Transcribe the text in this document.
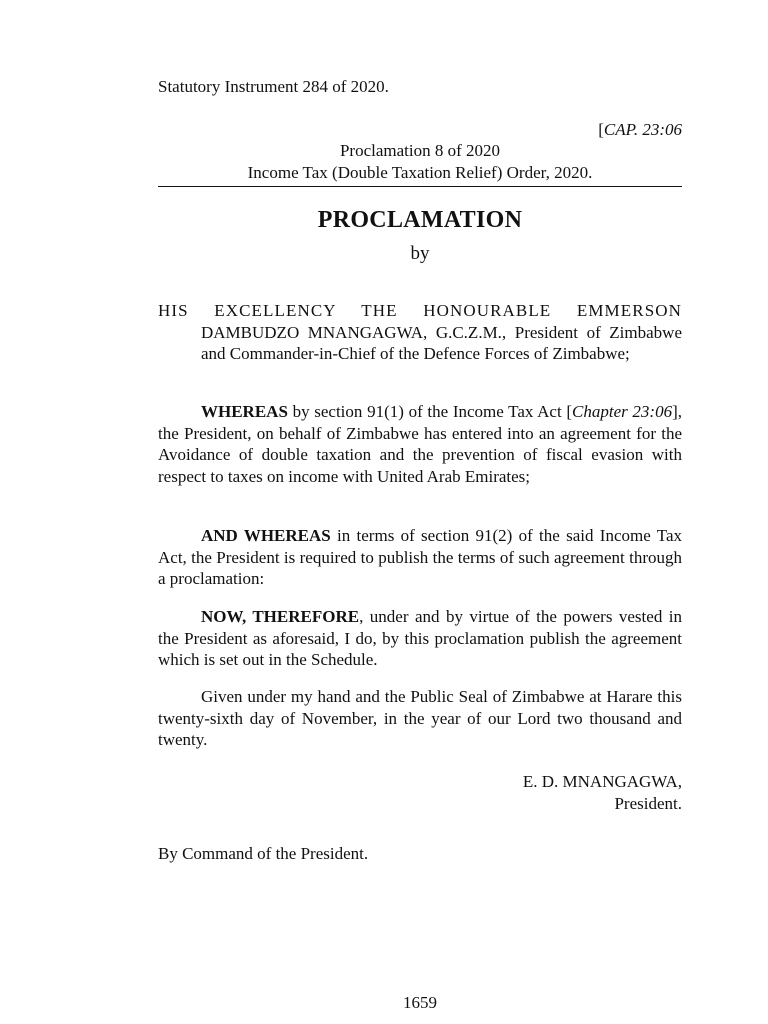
Statutory Instrument 284 of 2020.
[CAP. 23:06
Proclamation 8 of 2020
Income Tax (Double Taxation Relief) Order, 2020.
PROCLAMATION
by
HIS EXCELLENCY THE HONOURABLE EMMERSON
DAMBUDZO MNANGAGWA, G.C.Z.M., President of Zimbabwe and Commander-in-Chief of the Defence Forces of Zimbabwe;

WHEREAS by section 91(1) of the Income Tax Act [Chapter 23:06], the President, on behalf of Zimbabwe has entered into an agreement for the Avoidance of double taxation and the prevention of fiscal evasion with respect to taxes on income with United Arab Emirates;

AND WHEREAS in terms of section 91(2) of the said Income Tax Act, the President is required to publish the terms of such agreement through a proclamation:

NOW, THEREFORE, under and by virtue of the powers vested in the President as aforesaid, I do, by this proclamation publish the agreement which is set out in the Schedule.

Given under my hand and the Public Seal of Zimbabwe at Harare this twenty-sixth day of November, in the year of our Lord two thousand and twenty.

E. D. MNANGAGWA,
President.
By Command of the President.
1659
